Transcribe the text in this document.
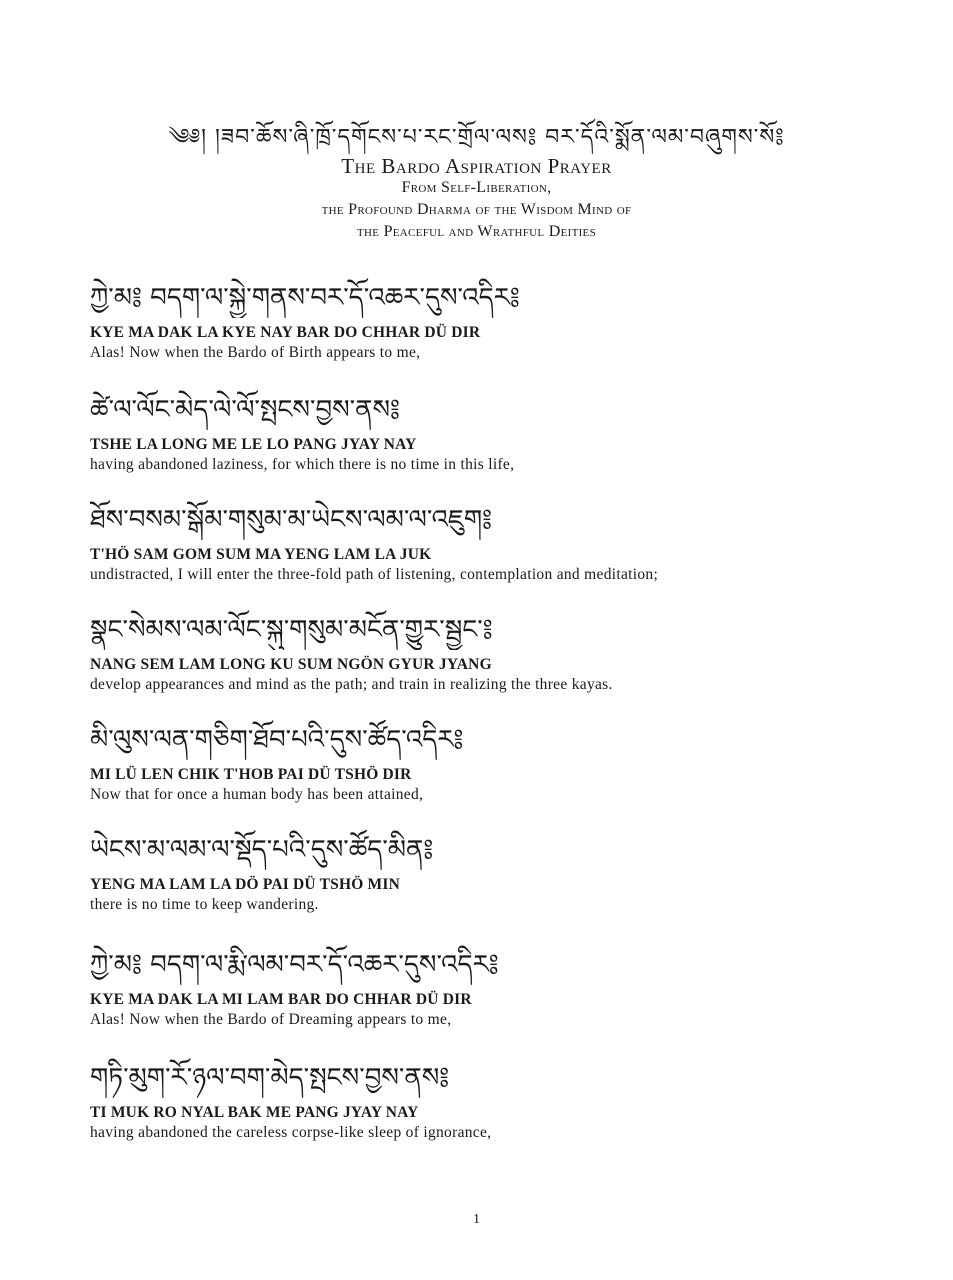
༄༅། །ཟབ་ཆོས་ཞི་ཁྲོ་དགོངས་པ་རང་གྲོལ་ལས༔ བར་དོའི་སྨོན་ལམ་བཞུགས་སོ༔
The Bardo Aspiration Prayer
From Self-Liberation,
the Profound Dharma of the Wisdom Mind of
the Peaceful and Wrathful Deities
ཀྱེ་མ༔ བདག་ལ་སྐྱེ་གནས་བར་དོ་འཆར་དུས་འདིར༔
KYE MA DAK LA KYE NAY BAR DO CHHAR DÜ DIR
Alas! Now when the Bardo of Birth appears to me,
ཚེ་ལ་ལོང་མེད་ལེ་ལོ་སྤངས་བྱས་ནས༔
TSHE LA LONG ME LE LO PANG JYAY NAY
having abandoned laziness, for which there is no time in this life,
ཐོས་བསམ་སྒོམ་གསུམ་མ་ཡེངས་ལམ་ལ་འཇུག༔
T'HÖ SAM GOM SUM MA YENG LAM LA JUK
undistracted, I will enter the three-fold path of listening, contemplation and meditation;
སྣང་སེམས་ལམ་ལོང་སྐུ་གསུམ་མངོན་གྱུར་སྦྱང་༔
NANG SEM LAM LONG KU SUM NGÖN GYUR JYANG
develop appearances and mind as the path; and train in realizing the three kayas.
མི་ལུས་ལན་གཅིག་ཐོབ་པའི་དུས་ཚོད་འདིར༔
MI LÜ LEN CHIK T'HOB PAI DÜ TSHÖ DIR
Now that for once a human body has been attained,
ཡེངས་མ་ལམ་ལ་སྡོད་པའི་དུས་ཚོད་མིན༔
YENG MA LAM LA DÖ PAI DÜ TSHÖ MIN
there is no time to keep wandering.
ཀྱེ་མ༔ བདག་ལ་རྨི་ལམ་བར་དོ་འཆར་དུས་འདིར༔
KYE MA DAK LA MI LAM BAR DO CHHAR DÜ DIR
Alas! Now when the Bardo of Dreaming appears to me,
གཏི་མུག་རོ་ཉལ་བག་མེད་སྤངས་བྱས་ནས༔
TI MUK RO NYAL BAK ME PANG JYAY NAY
having abandoned the careless corpse-like sleep of ignorance,
1
